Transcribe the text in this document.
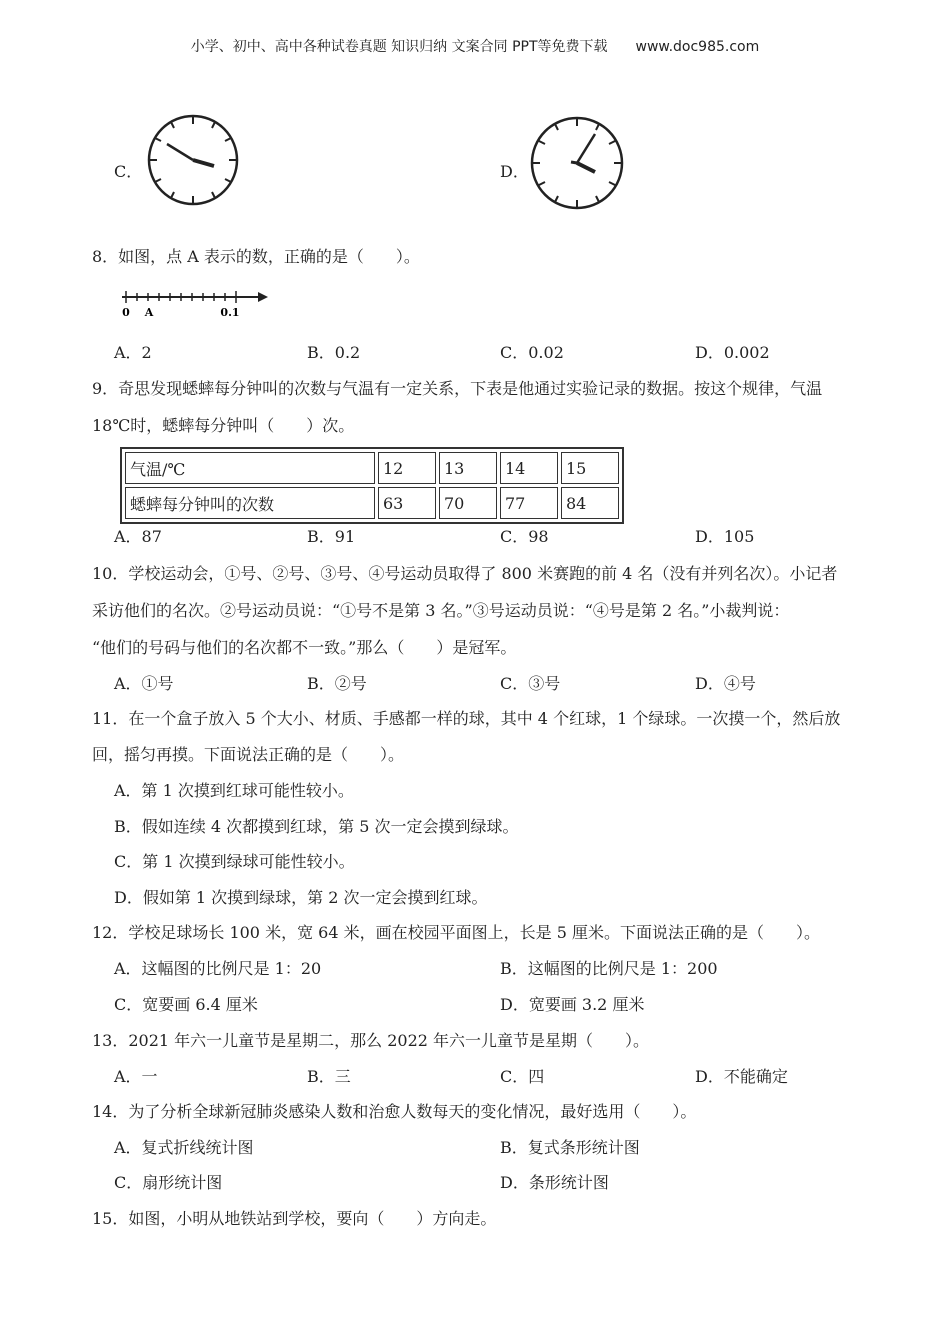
小学、初中、高中各种试卷真题 知识归纳 文案合同 PPT等免费下载 www.doc985.com
C．	D．
8．如图，点 A 表示的数，正确的是（　　）。
0 A	0.1
A．2	B．0.2	C．0.02	D．0.002
9．奇思发现蟋蟀每分钟叫的次数与气温有一定关系，下表是他通过实验记录的数据。按这个规律，气温
18℃时，蟋蟀每分钟叫（　　）次。
气温/℃	12	13	14	15
蟋蟀每分钟叫的次数	63	70	77	84
A．87	B．91	C．98	D．105
10．学校运动会，①号、②号、③号、④号运动员取得了 800 米赛跑的前 4 名（没有并列名次）。小记者
采访他们的名次。②号运动员说：“①号不是第 3 名。”③号运动员说：“④号是第 2 名。”小裁判说：
“他们的号码与他们的名次都不一致。”那么（　　）是冠军。
A．①号	B．②号	C．③号	D．④号
11．在一个盒子放入 5 个大小、材质、手感都一样的球，其中 4 个红球，1 个绿球。一次摸一个，然后放
回，摇匀再摸。下面说法正确的是（　　）。
A．第 1 次摸到红球可能性较小。
B．假如连续 4 次都摸到红球，第 5 次一定会摸到绿球。
C．第 1 次摸到绿球可能性较小。
D．假如第 1 次摸到绿球，第 2 次一定会摸到红球。
12．学校足球场长 100 米，宽 64 米，画在校园平面图上，长是 5 厘米。下面说法正确的是（　　）。
A．这幅图的比例尺是 1：20	B．这幅图的比例尺是 1：200
C．宽要画 6.4 厘米	D．宽要画 3.2 厘米
13．2021 年六一儿童节是星期二，那么 2022 年六一儿童节是星期（　　）。
A．一	B．三	C．四	D．不能确定
14．为了分析全球新冠肺炎感染人数和治愈人数每天的变化情况，最好选用（　　）。
A．复式折线统计图	B．复式条形统计图
C．扇形统计图	D．条形统计图
15．如图，小明从地铁站到学校，要向（　　）方向走。
